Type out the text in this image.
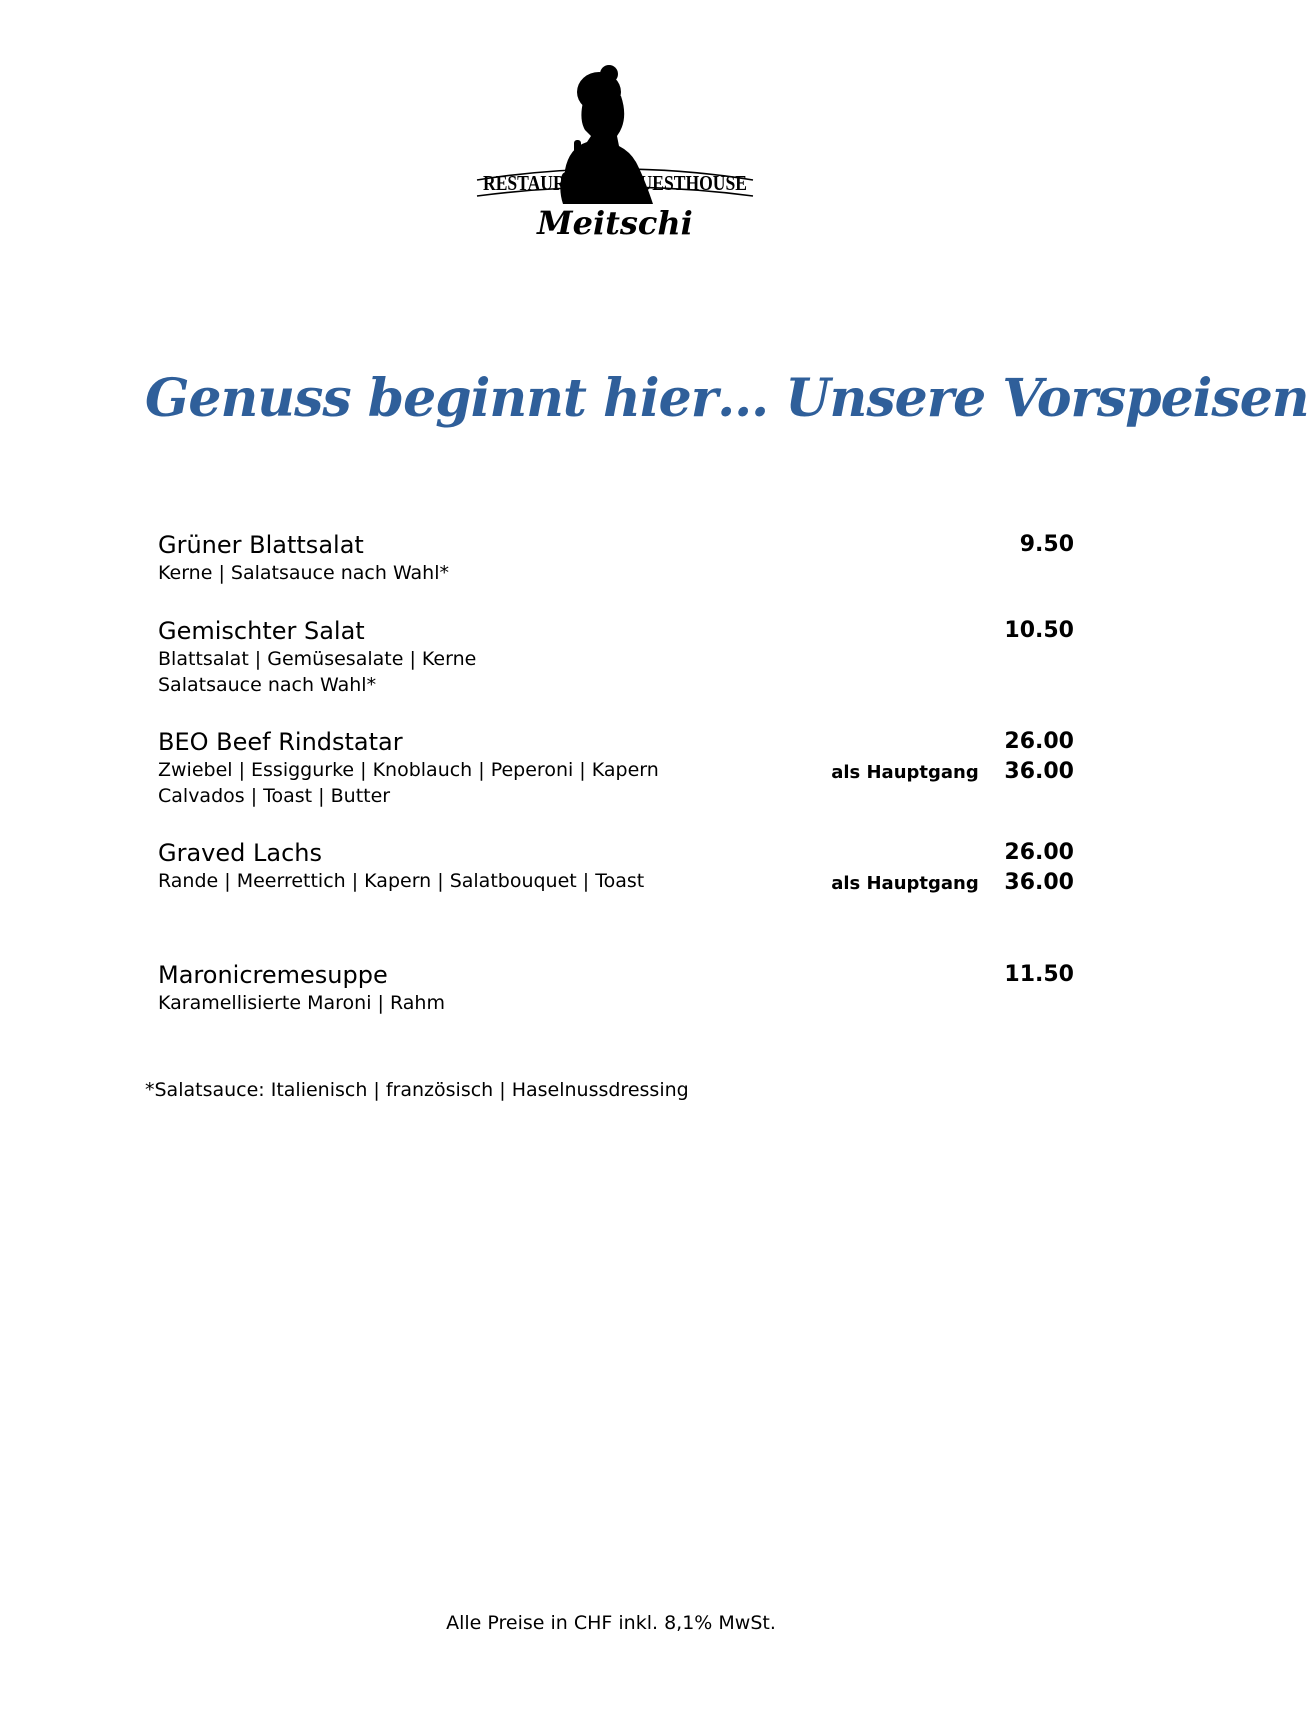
RESTAURANT & GUESTHOUSE
Meitschi
Genuss beginnt hier… Unsere Vorspeisen
Grüner Blattsalat
Kerne | Salatsauce nach Wahl*
9.50
Gemischter Salat
Blattsalat | Gemüsesalate | Kerne
Salatsauce nach Wahl*
10.50
BEO Beef Rindstatar
Zwiebel | Essiggurke | Knoblauch | Peperoni | Kapern
Calvados | Toast | Butter
26.00
als Hauptgang 36.00
Graved Lachs
Rande | Meerrettich | Kapern | Salatbouquet | Toast
26.00
als Hauptgang 36.00
Maronicremesuppe
Karamellisierte Maroni | Rahm
11.50
*Salatsauce: Italienisch | französisch | Haselnussdressing
Alle Preise in CHF inkl. 8,1% MwSt.
